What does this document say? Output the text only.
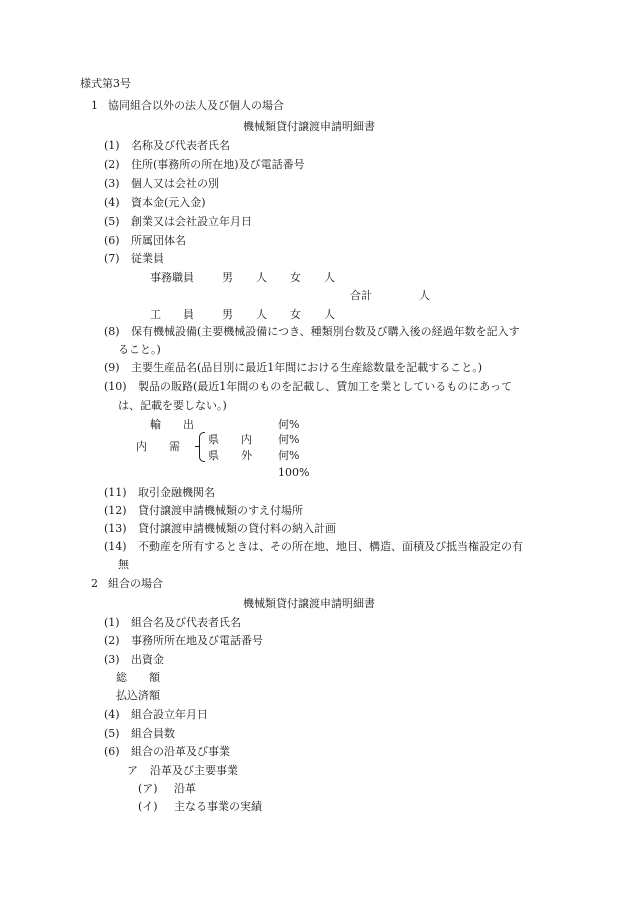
様式第3号
1 協同組合以外の法人及び個人の場合
機械類貸付譲渡申請明細書
(1) 名称及び代表者氏名
(2) 住所(事務所の所在地)及び電話番号
(3) 個人又は会社の別
(4) 資本金(元入金)
(5) 創業又は会社設立年月日
(6) 所属団体名
(7) 従業員
事務職員	男 人 女 人
合計	人
工　　員	男 人 女 人
(8) 保有機械設備(主要機械設備につき、種類別台数及び購入後の経過年数を記入す
ること。)
(9) 主要生産品名(品目別に最近1年間における生産総数量を記載すること。)
(10) 製品の販路(最近1年間のものを記載し、賃加工を業としているものにあって
は、記載を要しない。)
輸　　出	何%
内　　需
県　　内 何%
県　　外 何%
100%
(11) 取引金融機関名
(12) 貸付譲渡申請機械類のすえ付場所
(13) 貸付譲渡申請機械類の貸付料の納入計画
(14) 不動産を所有するときは、その所在地、地目、構造、面積及び抵当権設定の有
無
2 組合の場合
機械類貸付譲渡申請明細書
(1) 組合名及び代表者氏名
(2) 事務所所在地及び電話番号
(3) 出資金
総　　額
払込済額
(4) 組合設立年月日
(5) 組合員数
(6) 組合の沿革及び事業
ア 沿革及び主要事業
(ア) 沿革
(イ) 主なる事業の実績
